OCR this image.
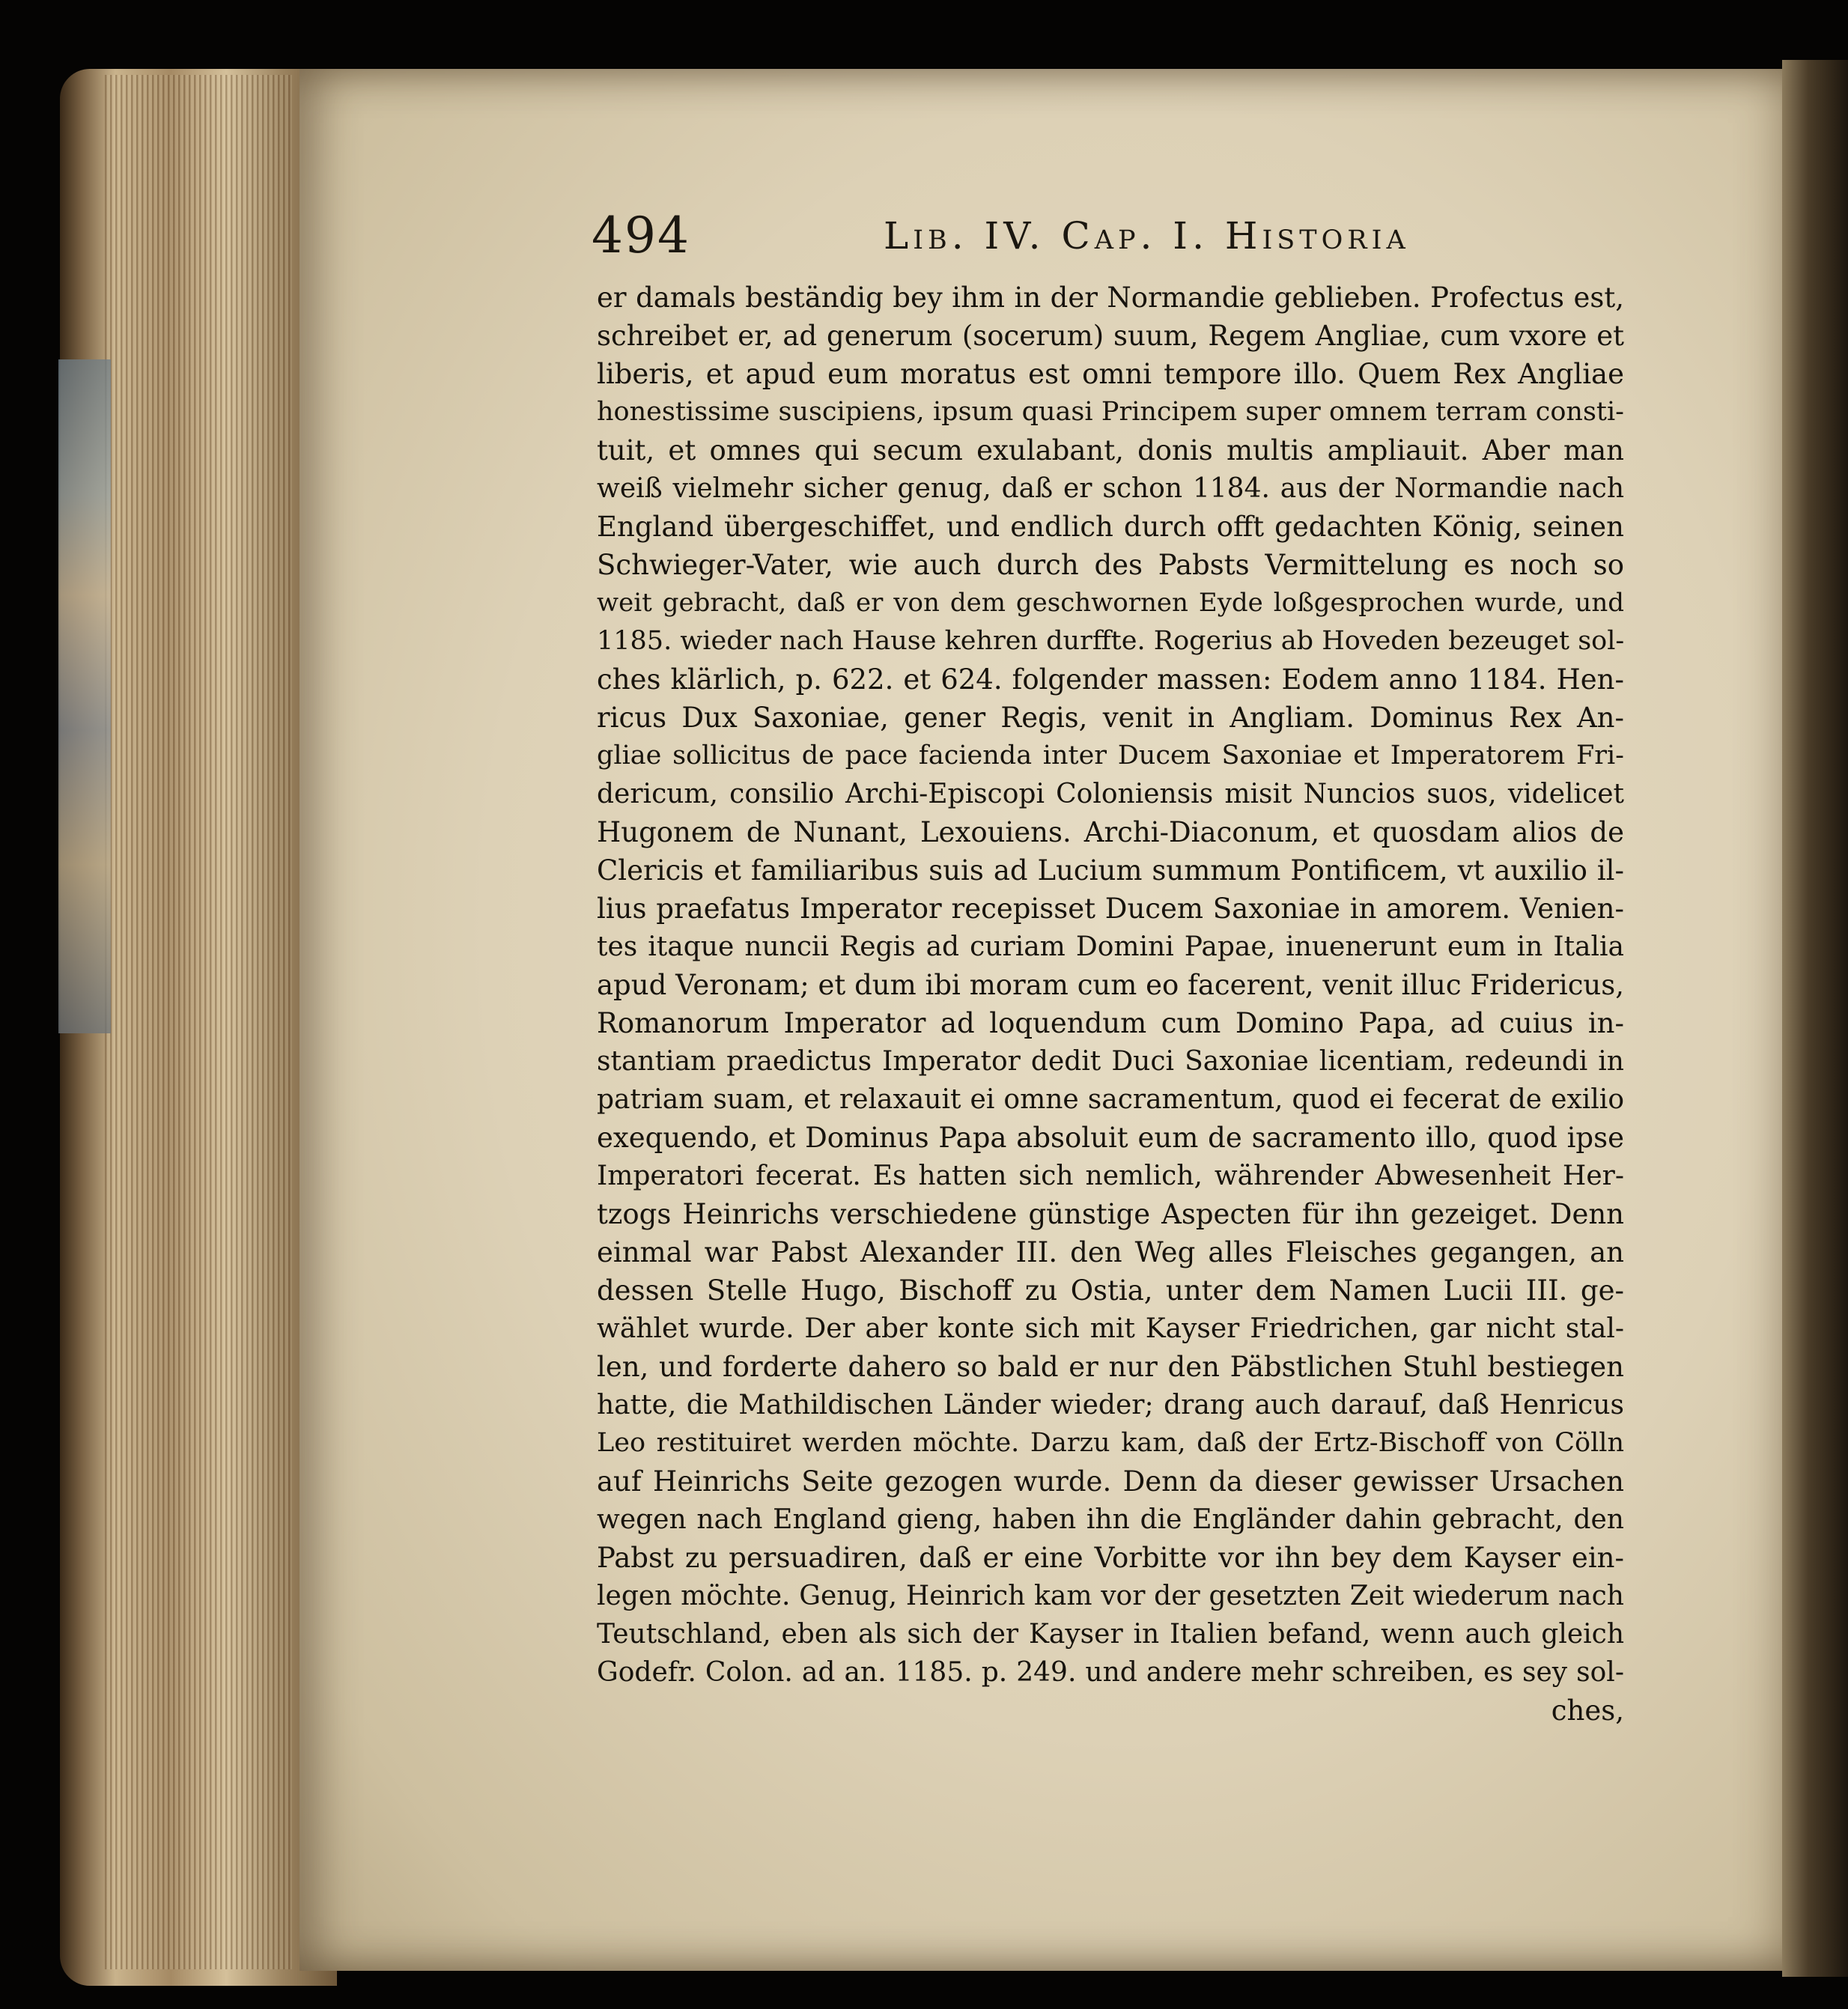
494	Lib. IV. Cap. I. Historia
er damals beständig bey ihm in der Normandie geblieben. Profectus est,
schreibet er, ad generum (socerum) suum, Regem Angliae, cum vxore et
liberis, et apud eum moratus est omni tempore illo. Quem Rex Angliae
honestissime suscipiens, ipsum quasi Principem super omnem terram consti-
tuit, et omnes qui secum exulabant, donis multis ampliauit. Aber man
weiß vielmehr sicher genug, daß er schon 1184. aus der Normandie nach
England übergeschiffet, und endlich durch offt gedachten König, seinen
Schwieger-Vater, wie auch durch des Pabsts Vermittelung es noch so
weit gebracht, daß er von dem geschwornen Eyde loßgesprochen wurde, und
1185. wieder nach Hause kehren durffte. Rogerius ab Hoveden bezeuget sol-
ches klärlich, p. 622. et 624. folgender massen: Eodem anno 1184. Hen-
ricus Dux Saxoniae, gener Regis, venit in Angliam. Dominus Rex An-
gliae sollicitus de pace facienda inter Ducem Saxoniae et Imperatorem Fri-
dericum, consilio Archi-Episcopi Coloniensis misit Nuncios suos, videlicet
Hugonem de Nunant, Lexouiens. Archi-Diaconum, et quosdam alios de
Clericis et familiaribus suis ad Lucium summum Pontificem, vt auxilio il-
lius praefatus Imperator recepisset Ducem Saxoniae in amorem. Venien-
tes itaque nuncii Regis ad curiam Domini Papae, inuenerunt eum in Italia
apud Veronam; et dum ibi moram cum eo facerent, venit illuc Fridericus,
Romanorum Imperator ad loquendum cum Domino Papa, ad cuius in-
stantiam praedictus Imperator dedit Duci Saxoniae licentiam, redeundi in
patriam suam, et relaxauit ei omne sacramentum, quod ei fecerat de exilio
exequendo, et Dominus Papa absoluit eum de sacramento illo, quod ipse
Imperatori fecerat. Es hatten sich nemlich, währender Abwesenheit Her-
tzogs Heinrichs verschiedene günstige Aspecten für ihn gezeiget. Denn
einmal war Pabst Alexander III. den Weg alles Fleisches gegangen, an
dessen Stelle Hugo, Bischoff zu Ostia, unter dem Namen Lucii III. ge-
wählet wurde. Der aber konte sich mit Kayser Friedrichen, gar nicht stal-
len, und forderte dahero so bald er nur den Päbstlichen Stuhl bestiegen
hatte, die Mathildischen Länder wieder; drang auch darauf, daß Henricus
Leo restituiret werden möchte. Darzu kam, daß der Ertz-Bischoff von Cölln
auf Heinrichs Seite gezogen wurde. Denn da dieser gewisser Ursachen
wegen nach England gieng, haben ihn die Engländer dahin gebracht, den
Pabst zu persuadiren, daß er eine Vorbitte vor ihn bey dem Kayser ein-
legen möchte. Genug, Heinrich kam vor der gesetzten Zeit wiederum nach
Teutschland, eben als sich der Kayser in Italien befand, wenn auch gleich
Godefr. Colon. ad an. 1185. p. 249. und andere mehr schreiben, es sey sol-
ches,
